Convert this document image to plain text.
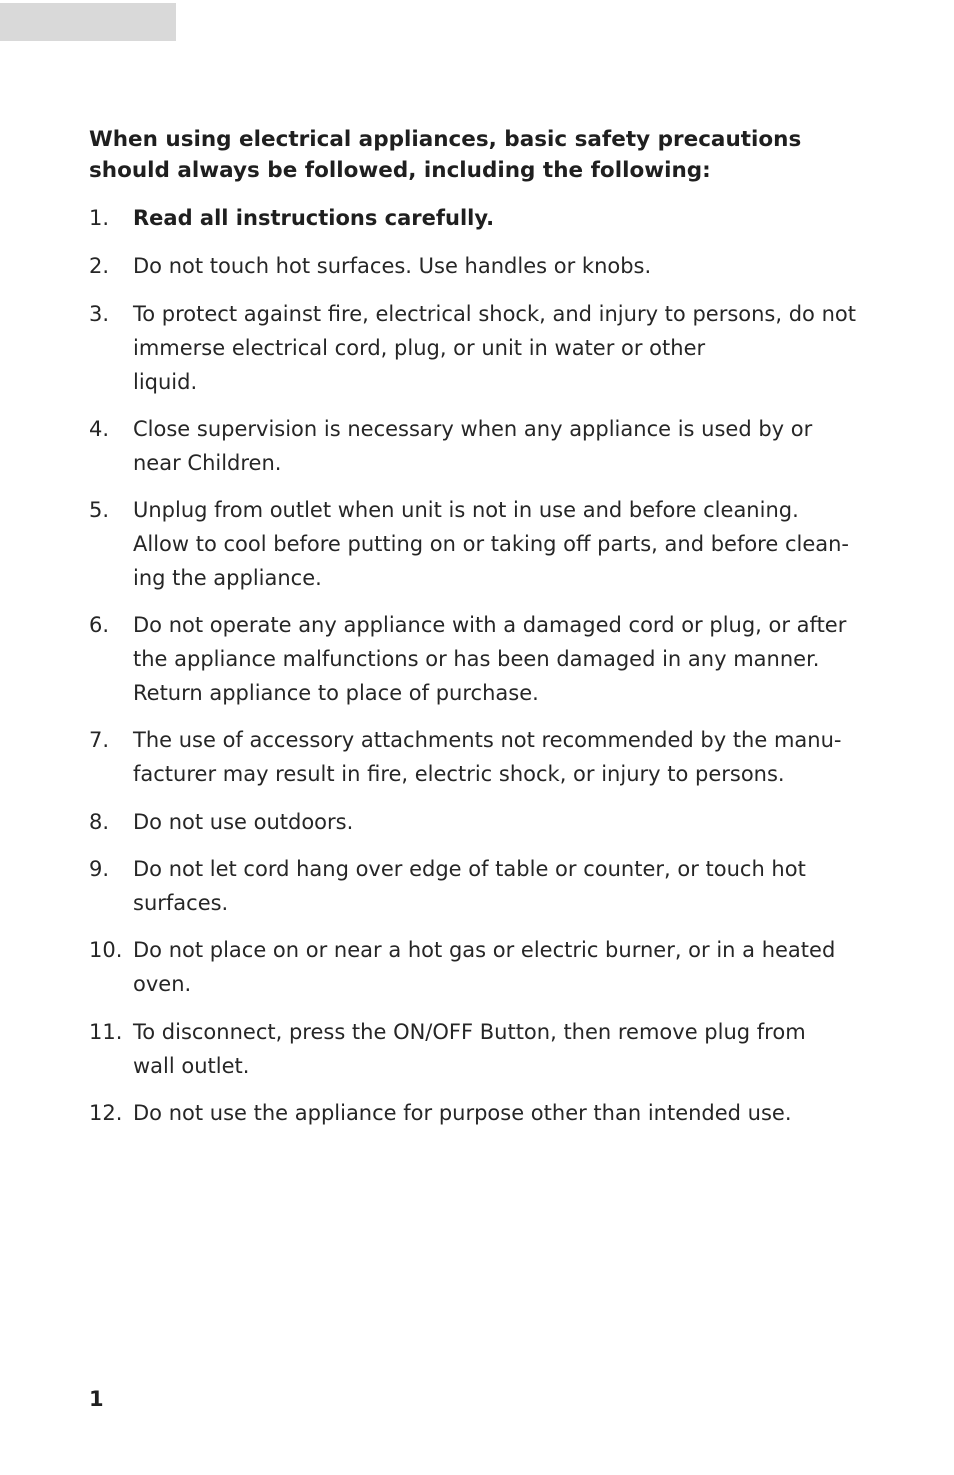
When using electrical appliances, basic safety precautions
should always be followed, including the following:
1. Read all instructions carefully.
2. Do not touch hot surfaces. Use handles or knobs.
3. To protect against fire, electrical shock, and injury to persons, do not
immerse electrical cord, plug, or unit in water or other
liquid.
4. Close supervision is necessary when any appliance is used by or
near Children.
5. Unplug from outlet when unit is not in use and before cleaning.
Allow to cool before putting on or taking off parts, and before clean-
ing the appliance.
6. Do not operate any appliance with a damaged cord or plug, or after
the appliance malfunctions or has been damaged in any manner.
Return appliance to place of purchase.
7. The use of accessory attachments not recommended by the manu-
facturer may result in fire, electric shock, or injury to persons.
8. Do not use outdoors.
9. Do not let cord hang over edge of table or counter, or touch hot
surfaces.
10. Do not place on or near a hot gas or electric burner, or in a heated
oven.
11. To disconnect, press the ON/OFF Button, then remove plug from
wall outlet.
12. Do not use the appliance for purpose other than intended use.
1
